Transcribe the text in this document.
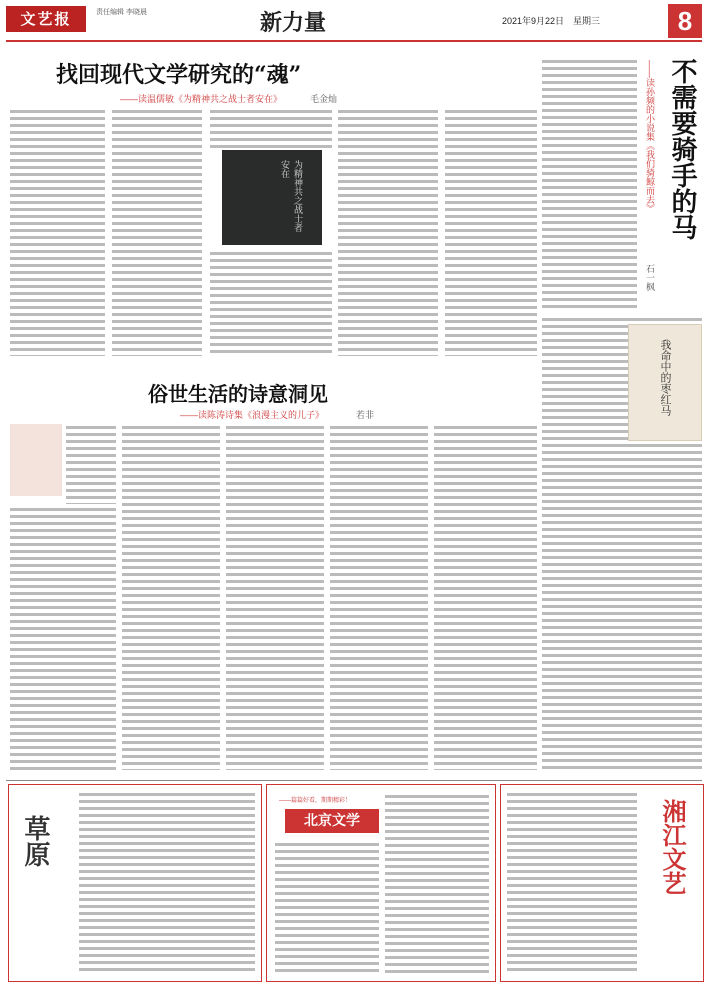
文艺报	责任编辑 李晓晨	新力量	2021年9月22日　星期三	8
找回现代文学研究的“魂”
——读温儒敏《为精神共之战士者安在》	毛金灿
为精神共之战士者安在
俗世生活的诗意洞见
——读陈涛诗集《浪漫主义的儿子》	若非
不需要骑手的马
——读孙频的小说集《我们骑鲸而去》
石一枫
我命中的枣红马
草原
——篇篇好看，期期精彩！
北京文学	湘江文艺
